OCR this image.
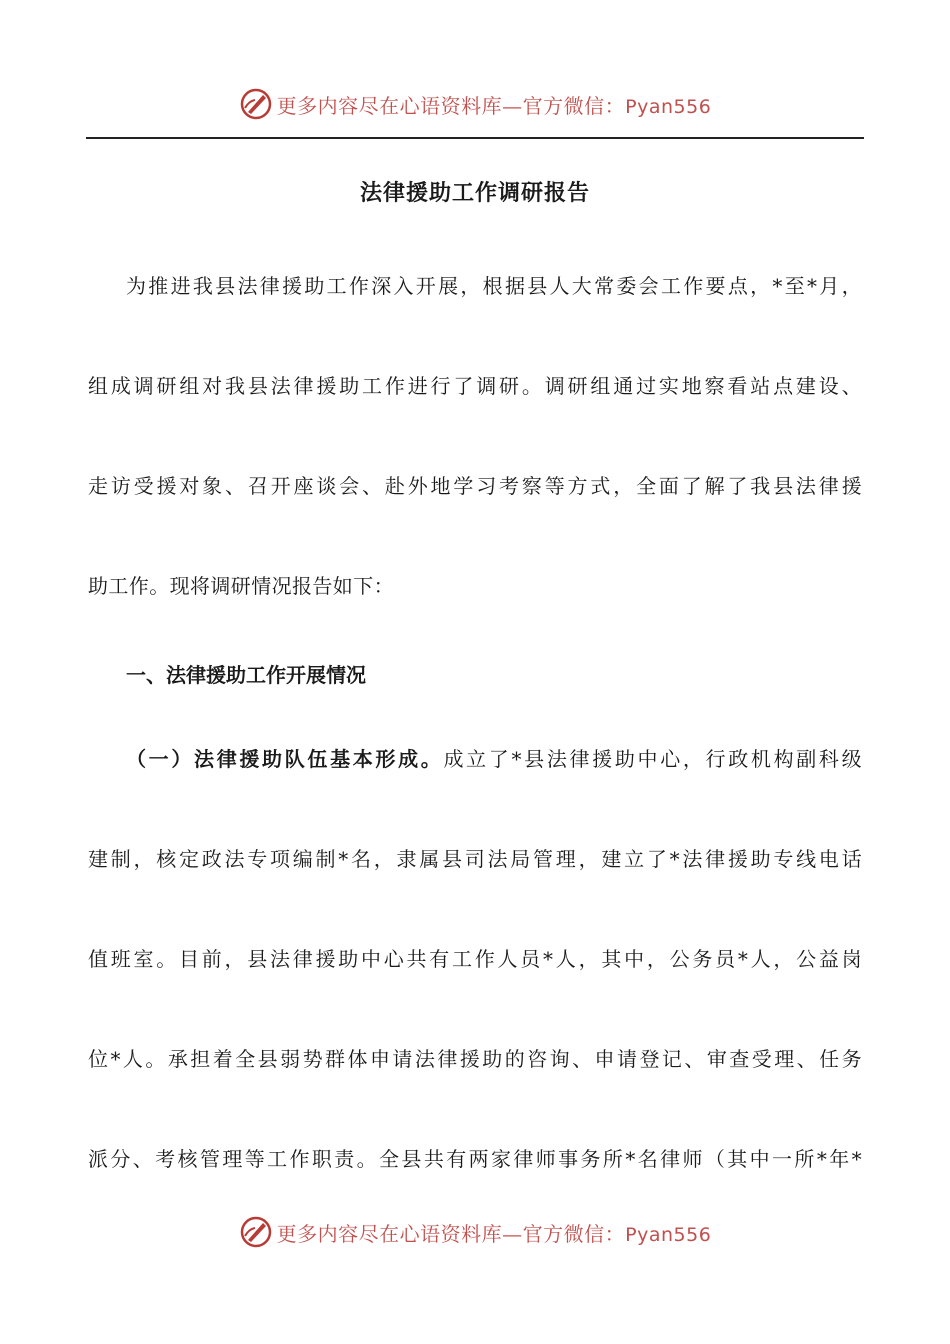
更多内容尽在心语资料库—官方微信：Pyan556
法律援助工作调研报告
为推进我县法律援助工作深入开展，根据县人大常委会工作要点，*至*月，
组成调研组对我县法律援助工作进行了调研。调研组通过实地察看站点建设、
走访受援对象、召开座谈会、赴外地学习考察等方式，全面了解了我县法律援
助工作。现将调研情况报告如下：
一、法律援助工作开展情况
（一）法律援助队伍基本形成。成立了*县法律援助中心，行政机构副科级
建制，核定政法专项编制*名，隶属县司法局管理，建立了*法律援助专线电话
值班室。目前，县法律援助中心共有工作人员*人，其中，公务员*人，公益岗
位*人。承担着全县弱势群体申请法律援助的咨询、申请登记、审查受理、任务
派分、考核管理等工作职责。全县共有两家律师事务所*名律师（其中一所*年*
更多内容尽在心语资料库—官方微信：Pyan556
